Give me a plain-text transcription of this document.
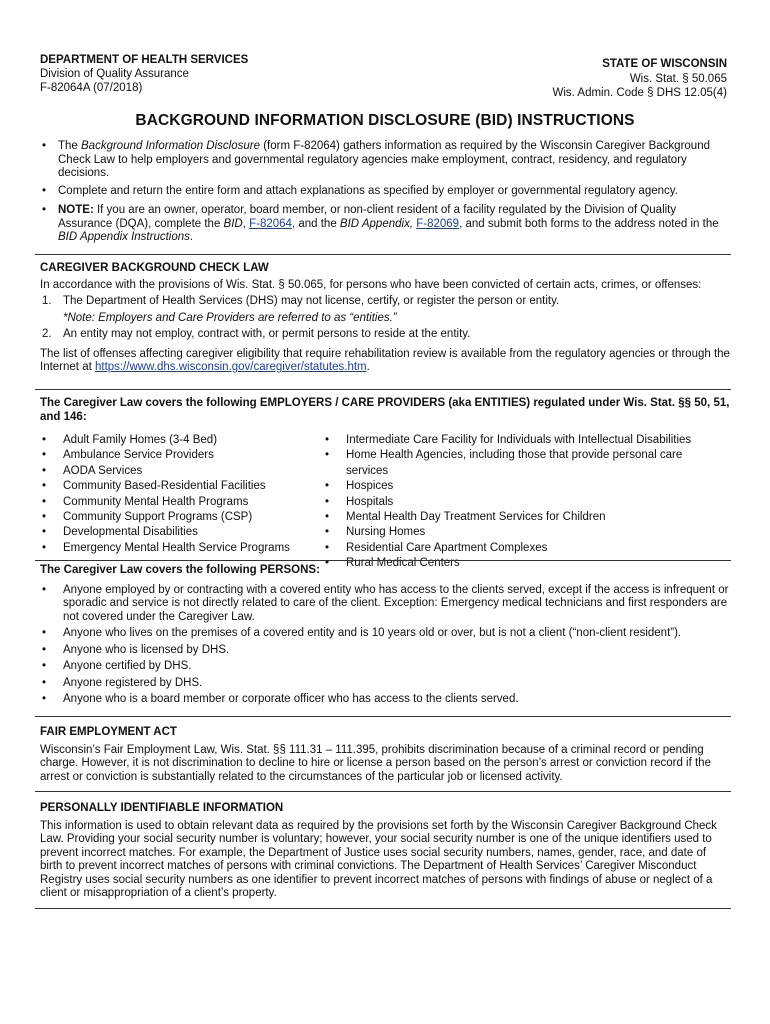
DEPARTMENT OF HEALTH SERVICES
Division of Quality Assurance
F-82064A (07/2018)
STATE OF WISCONSIN
Wis. Stat. § 50.065
Wis. Admin. Code § DHS 12.05(4)
BACKGROUND INFORMATION DISCLOSURE (BID) INSTRUCTIONS
• The Background Information Disclosure (form F-82064) gathers information as required by the Wisconsin Caregiver Background Check Law to help employers and governmental regulatory agencies make employment, contract, residency, and regulatory decisions.
• Complete and return the entire form and attach explanations as specified by employer or governmental regulatory agency.
• NOTE: If you are an owner, operator, board member, or non-client resident of a facility regulated by the Division of Quality Assurance (DQA), complete the BID, F-82064, and the BID Appendix, F-82069, and submit both forms to the address noted in the BID Appendix Instructions.
CAREGIVER BACKGROUND CHECK LAW
In accordance with the provisions of Wis. Stat. § 50.065, for persons who have been convicted of certain acts, crimes, or offenses:
1. The Department of Health Services (DHS) may not license, certify, or register the person or entity.
*Note: Employers and Care Providers are referred to as “entities.”
2. An entity may not employ, contract with, or permit persons to reside at the entity.
The list of offenses affecting caregiver eligibility that require rehabilitation review is available from the regulatory agencies or through the Internet at https://www.dhs.wisconsin.gov/caregiver/statutes.htm.
The Caregiver Law covers the following EMPLOYERS / CARE PROVIDERS (aka ENTITIES) regulated under Wis. Stat. §§ 50, 51, and 146:
• Adult Family Homes (3-4 Bed)
• Ambulance Service Providers
• AODA Services
• Community Based-Residential Facilities
• Community Mental Health Programs
• Community Support Programs (CSP)
• Developmental Disabilities
• Emergency Mental Health Service Programs
• Intermediate Care Facility for Individuals with Intellectual Disabilities
• Home Health Agencies, including those that provide personal care services
• Hospices
• Hospitals
• Mental Health Day Treatment Services for Children
• Nursing Homes
• Residential Care Apartment Complexes
• Rural Medical Centers
The Caregiver Law covers the following PERSONS:
• Anyone employed by or contracting with a covered entity who has access to the clients served, except if the access is infrequent or sporadic and service is not directly related to care of the client. Exception: Emergency medical technicians and first responders are not covered under the Caregiver Law.
• Anyone who lives on the premises of a covered entity and is 10 years old or over, but is not a client (“non-client resident”).
• Anyone who is licensed by DHS.
• Anyone certified by DHS.
• Anyone registered by DHS.
• Anyone who is a board member or corporate officer who has access to the clients served.
FAIR EMPLOYMENT ACT
Wisconsin’s Fair Employment Law, Wis. Stat. §§ 111.31 – 111.395, prohibits discrimination because of a criminal record or pending charge. However, it is not discrimination to decline to hire or license a person based on the person’s arrest or conviction record if the arrest or conviction is substantially related to the circumstances of the particular job or licensed activity.
PERSONALLY IDENTIFIABLE INFORMATION
This information is used to obtain relevant data as required by the provisions set forth by the Wisconsin Caregiver Background Check Law. Providing your social security number is voluntary; however, your social security number is one of the unique identifiers used to prevent incorrect matches. For example, the Department of Justice uses social security numbers, names, gender, race, and date of birth to prevent incorrect matches of persons with criminal convictions. The Department of Health Services’ Caregiver Misconduct Registry uses social security numbers as one identifier to prevent incorrect matches of persons with findings of abuse or neglect of a client or misappropriation of a client’s property.
